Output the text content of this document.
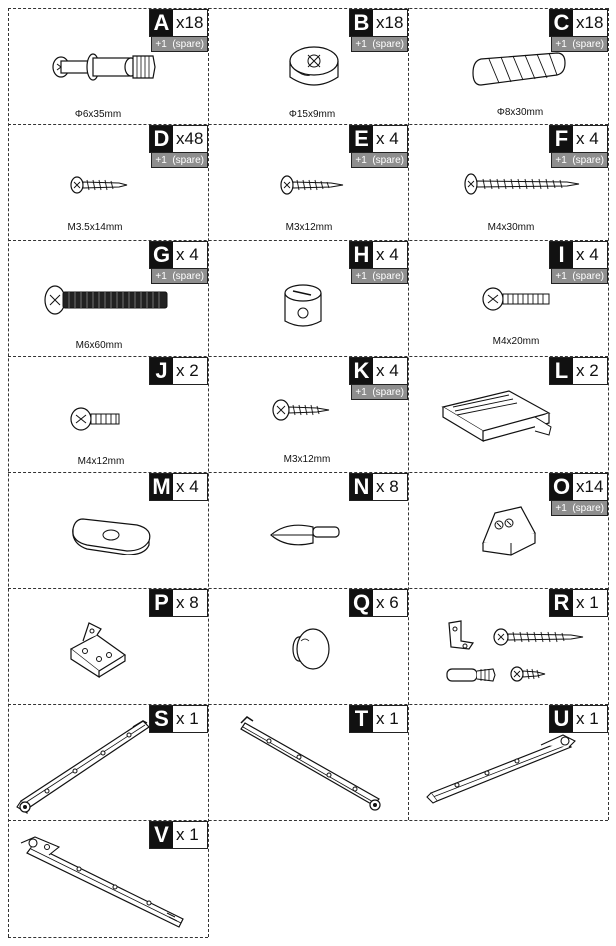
A x18
+1  (spare)
Φ6x35mm
B x18
+1  (spare)
Φ15x9mm
C x18
+1  (spare)
Φ8x30mm
D x48
+1  (spare)
M3.5x14mm
E x 4
+1  (spare)
M3x12mm
F x 4
+1  (spare)
M4x30mm
G x 4
+1  (spare)
M6x60mm
H x 4
+1  (spare)
I x 4
+1  (spare)
M4x20mm
J x 2
M4x12mm
K x 4
+1  (spare)
M3x12mm
L x 2
M x 4	N x 8	O x14
+1  (spare)
P x 8	Q x 6	R x 1
S x 1	T x 1	U x 1
V x 1
